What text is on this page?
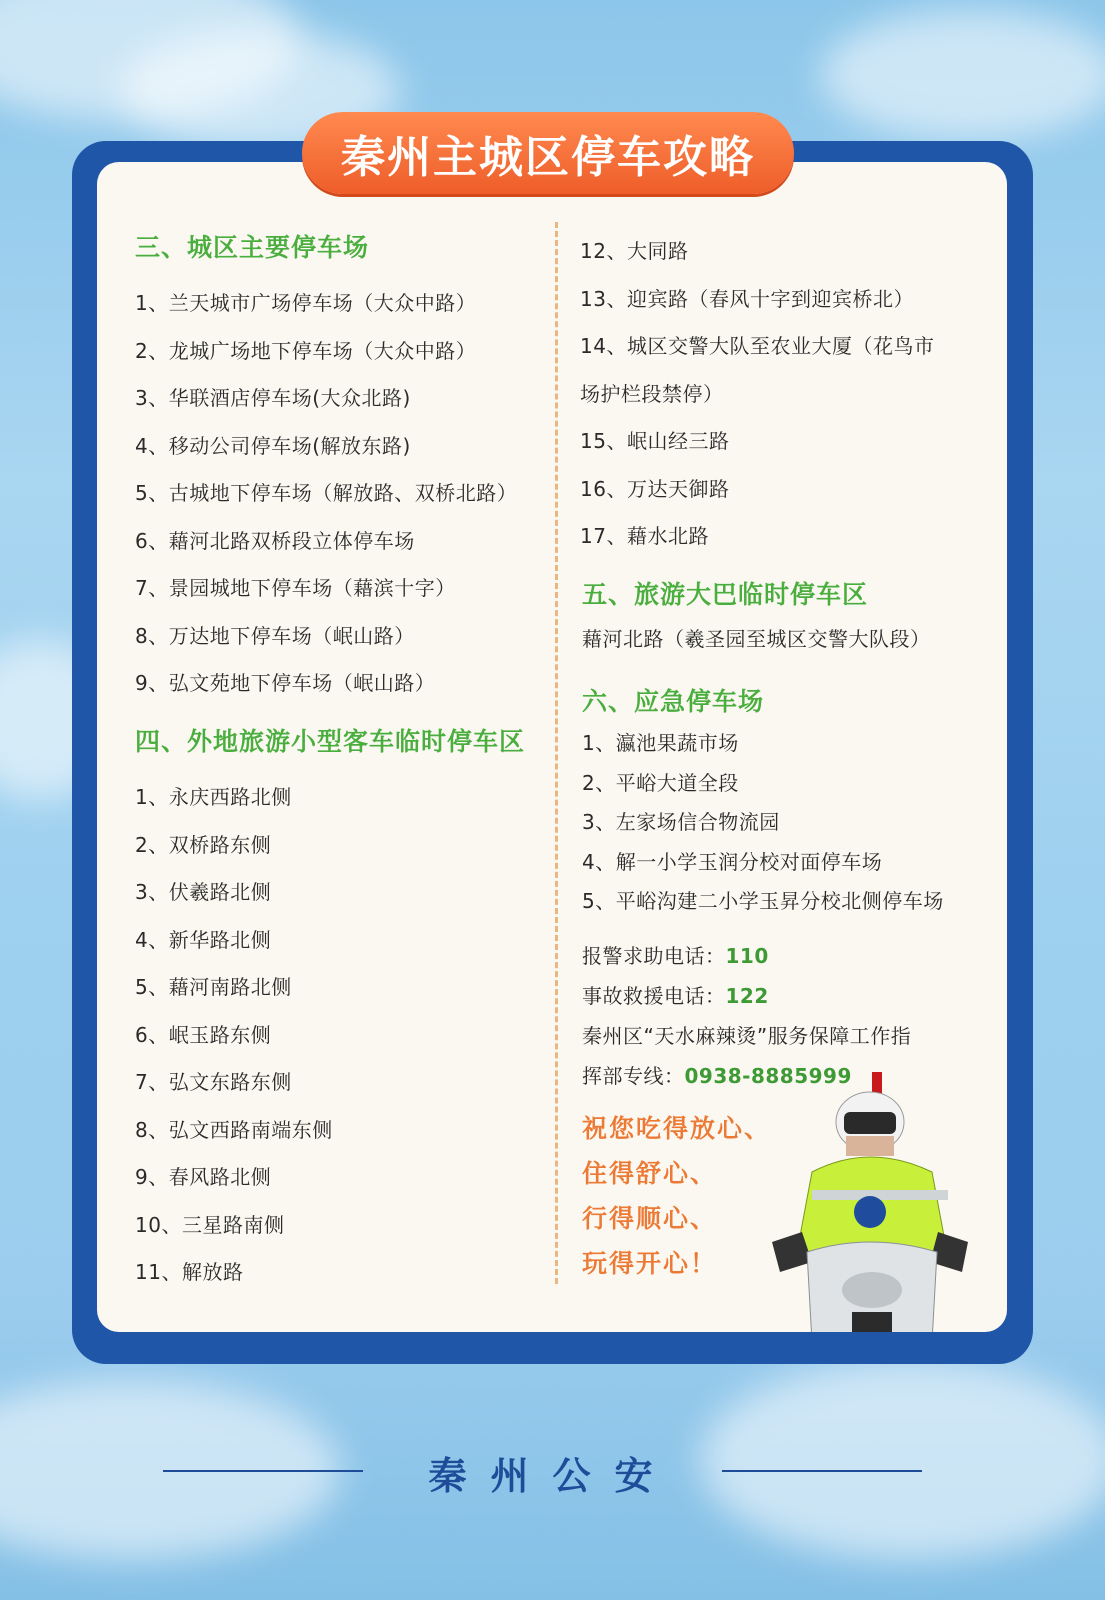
秦州主城区停车攻略
三、城区主要停车场
1、兰天城市广场停车场（大众中路）
2、龙城广场地下停车场（大众中路）
3、华联酒店停车场(大众北路)
4、移动公司停车场(解放东路)
5、古城地下停车场（解放路、双桥北路）
6、藉河北路双桥段立体停车场
7、景园城地下停车场（藉滨十字）
8、万达地下停车场（岷山路）
9、弘文苑地下停车场（岷山路）
四、外地旅游小型客车临时停车区
1、永庆西路北侧
2、双桥路东侧
3、伏羲路北侧
4、新华路北侧
5、藉河南路北侧
6、岷玉路东侧
7、弘文东路东侧
8、弘文西路南端东侧
9、春风路北侧
10、三星路南侧
11、解放路
12、大同路
13、迎宾路（春风十字到迎宾桥北）
14、城区交警大队至农业大厦（花鸟市
场护栏段禁停）
15、岷山经三路
16、万达天御路
17、藉水北路
五、旅游大巴临时停车区
藉河北路（羲圣园至城区交警大队段）
六、应急停车场
1、瀛池果蔬市场
2、平峪大道全段
3、左家场信合物流园
4、解一小学玉润分校对面停车场
5、平峪沟建二小学玉昇分校北侧停车场
报警求助电话：110
事故救援电话：122
秦州区“天水麻辣烫”服务保障工作指
挥部专线：0938-8885999
祝您吃得放心、
住得舒心、
行得顺心、
玩得开心！
秦州公安
